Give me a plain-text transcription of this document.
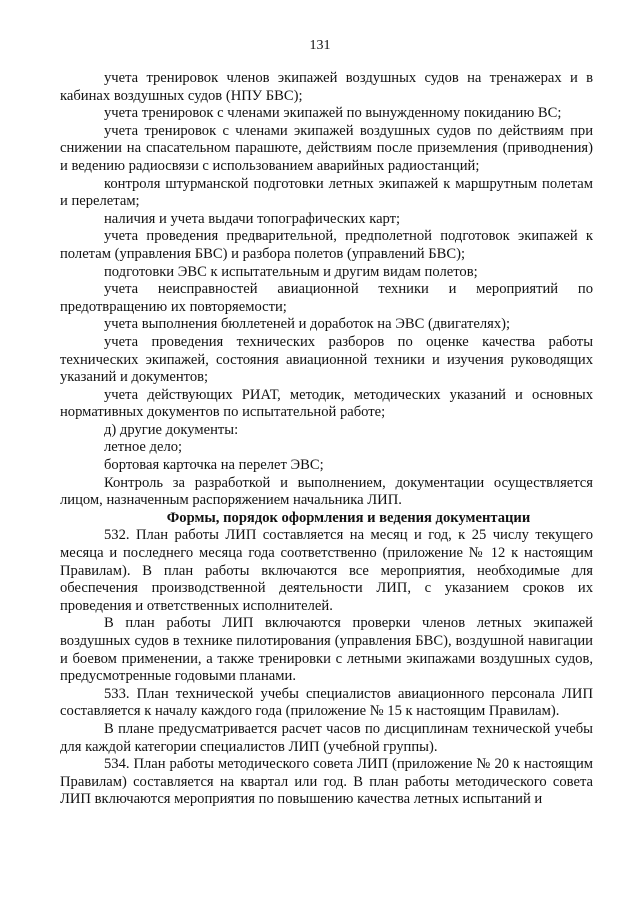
131

учета тренировок членов экипажей воздушных судов на тренажерах и в кабинах воздушных судов (НПУ БВС);

учета тренировок с членами экипажей по вынужденному покиданию ВС;

учета тренировок с членами экипажей воздушных судов по действиям при снижении на спасательном парашюте, действиям после приземления (приводнения) и ведению радиосвязи с использованием аварийных радиостанций;

контроля штурманской подготовки летных экипажей к маршрутным полетам и перелетам;

наличия и учета выдачи топографических карт;

учета проведения предварительной, предполетной подготовок экипажей к полетам (управления БВС) и разбора полетов (управлений БВС);

подготовки ЭВС к испытательным и другим видам полетов;

учета неисправностей авиационной техники и мероприятий по предотвращению их повторяемости;

учета выполнения бюллетеней и доработок на ЭВС (двигателях);

учета проведения технических разборов по оценке качества работы технических экипажей, состояния авиационной техники и изучения руководящих указаний и документов;

учета действующих РИАТ, методик, методических указаний и основных нормативных документов по испытательной работе;

д) другие документы:

летное дело;

бортовая карточка на перелет ЭВС;

Контроль за разработкой и выполнением, документации осуществляется лицом, назначенным распоряжением начальника ЛИП.

Формы, порядок оформления и ведения документации

532. План работы ЛИП составляется на месяц и год, к 25 числу текущего месяца и последнего месяца года соответственно (приложение № 12 к настоящим Правилам). В план работы включаются все мероприятия, необходимые для обеспечения производственной деятельности ЛИП, с указанием сроков их проведения и ответственных исполнителей.

В план работы ЛИП включаются проверки членов летных экипажей воздушных судов в технике пилотирования (управления БВС), воздушной навигации и боевом применении, а также тренировки с летными экипажами воздушных судов, предусмотренные годовыми планами.

533. План технической учебы специалистов авиационного персонала ЛИП составляется к началу каждого года (приложение № 15 к настоящим Правилам).

В плане предусматривается расчет часов по дисциплинам технической учебы для каждой категории специалистов ЛИП (учебной группы).

534. План работы методического совета ЛИП (приложение № 20 к настоящим Правилам) составляется на квартал или год. В план работы методического совета ЛИП включаются мероприятия по повышению качества летных испытаний и
